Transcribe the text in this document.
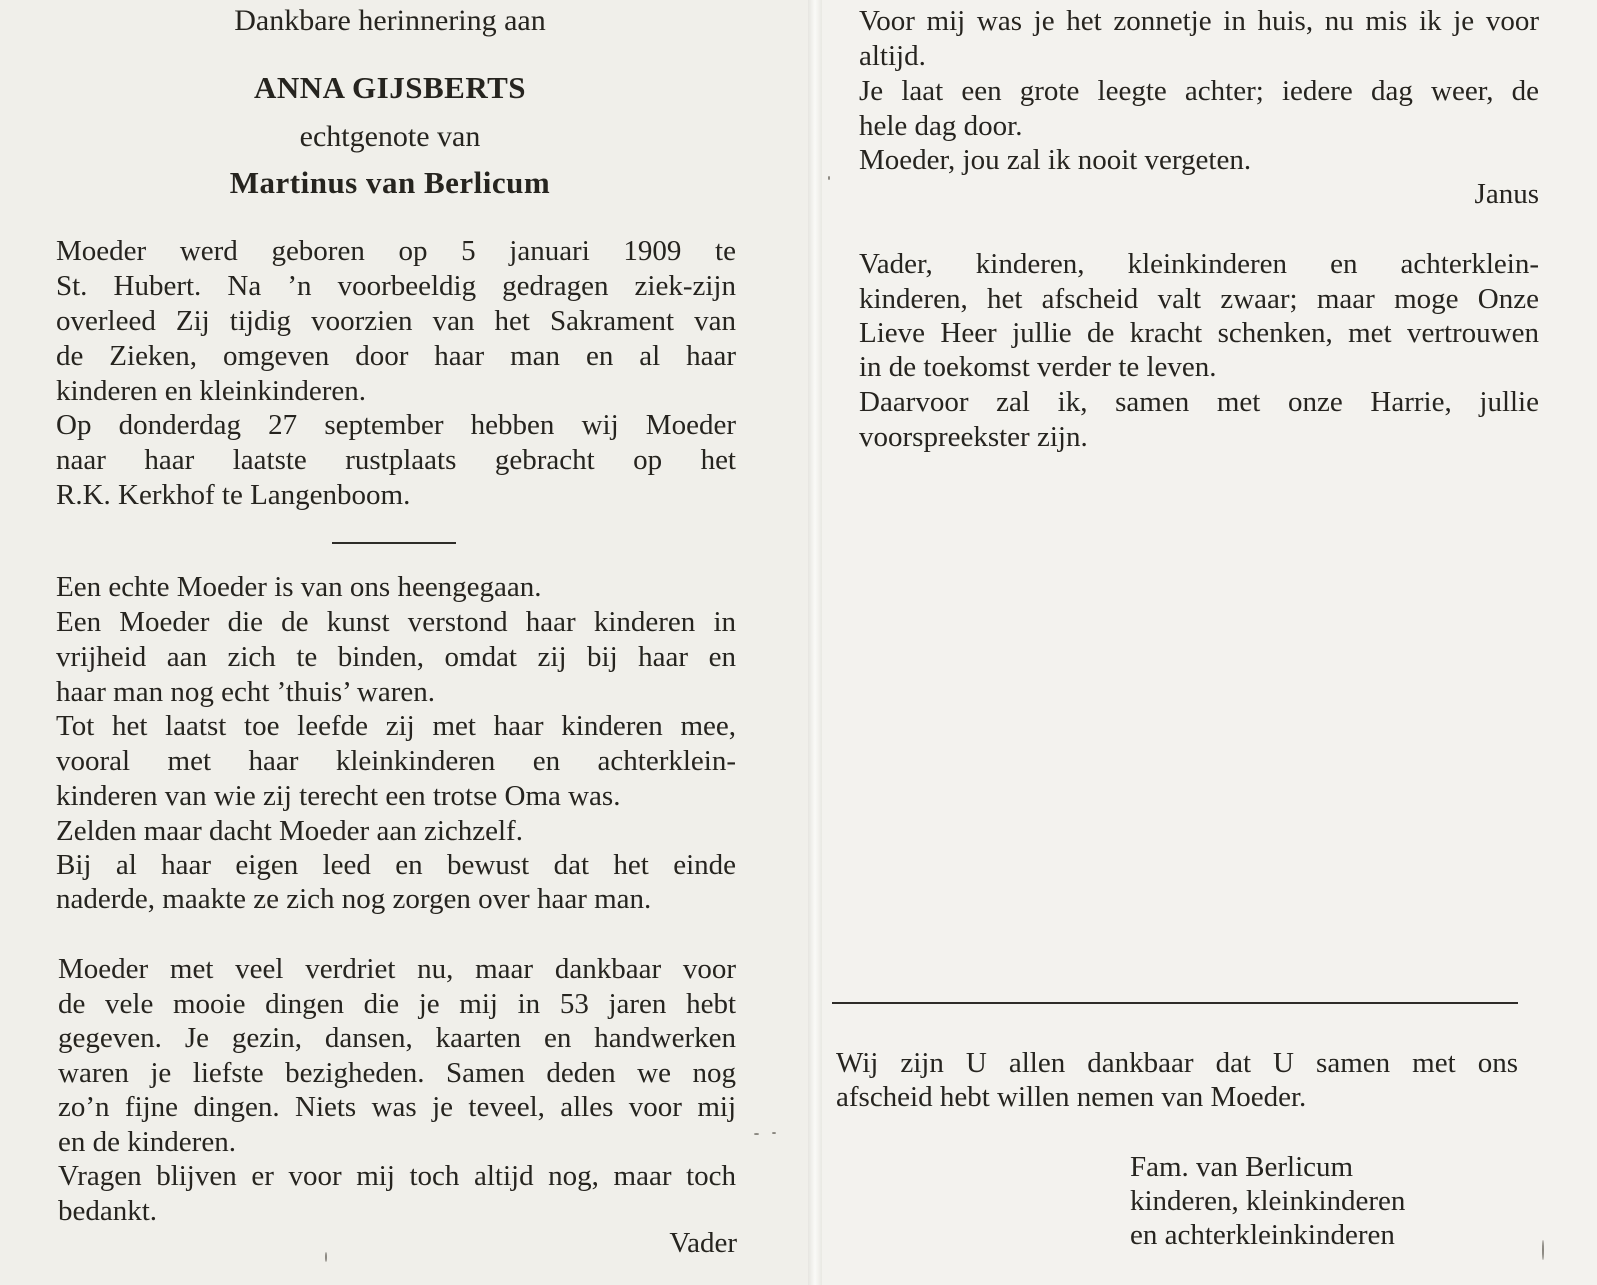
Dankbare herinnering aan
ANNA GIJSBERTS
echtgenote van
Martinus van Berlicum
Moeder werd geboren op 5 januari 1909 te
St. Hubert. Na ’n voorbeeldig gedragen ziek-zijn
overleed Zij tijdig voorzien van het Sakrament van
de Zieken, omgeven door haar man en al haar
kinderen en kleinkinderen.
Op donderdag 27 september hebben wij Moeder
naar haar laatste rustplaats gebracht op het
R.K. Kerkhof te Langenboom.
Een echte Moeder is van ons heengegaan.
Een Moeder die de kunst verstond haar kinderen in
vrijheid aan zich te binden, omdat zij bij haar en
haar man nog echt ’thuis’ waren.
Tot het laatst toe leefde zij met haar kinderen mee,
vooral met haar kleinkinderen en achterklein-
kinderen van wie zij terecht een trotse Oma was.
Zelden maar dacht Moeder aan zichzelf.
Bij al haar eigen leed en bewust dat het einde
naderde, maakte ze zich nog zorgen over haar man.
Moeder met veel verdriet nu, maar dankbaar voor
de vele mooie dingen die je mij in 53 jaren hebt
gegeven. Je gezin, dansen, kaarten en handwerken
waren je liefste bezigheden. Samen deden we nog
zo’n fijne dingen. Niets was je teveel, alles voor mij
en de kinderen.
Vragen blijven er voor mij toch altijd nog, maar toch
bedankt.
Vader
Voor mij was je het zonnetje in huis, nu mis ik je voor
altijd.
Je laat een grote leegte achter; iedere dag weer, de
hele dag door.
Moeder, jou zal ik nooit vergeten.
Janus
Vader, kinderen, kleinkinderen en achterklein-
kinderen, het afscheid valt zwaar; maar moge Onze
Lieve Heer jullie de kracht schenken, met vertrouwen
in de toekomst verder te leven.
Daarvoor zal ik, samen met onze Harrie, jullie
voorspreekster zijn.
Wij zijn U allen dankbaar dat U samen met ons
afscheid hebt willen nemen van Moeder.
Fam. van Berlicum
kinderen, kleinkinderen
en achterkleinkinderen
